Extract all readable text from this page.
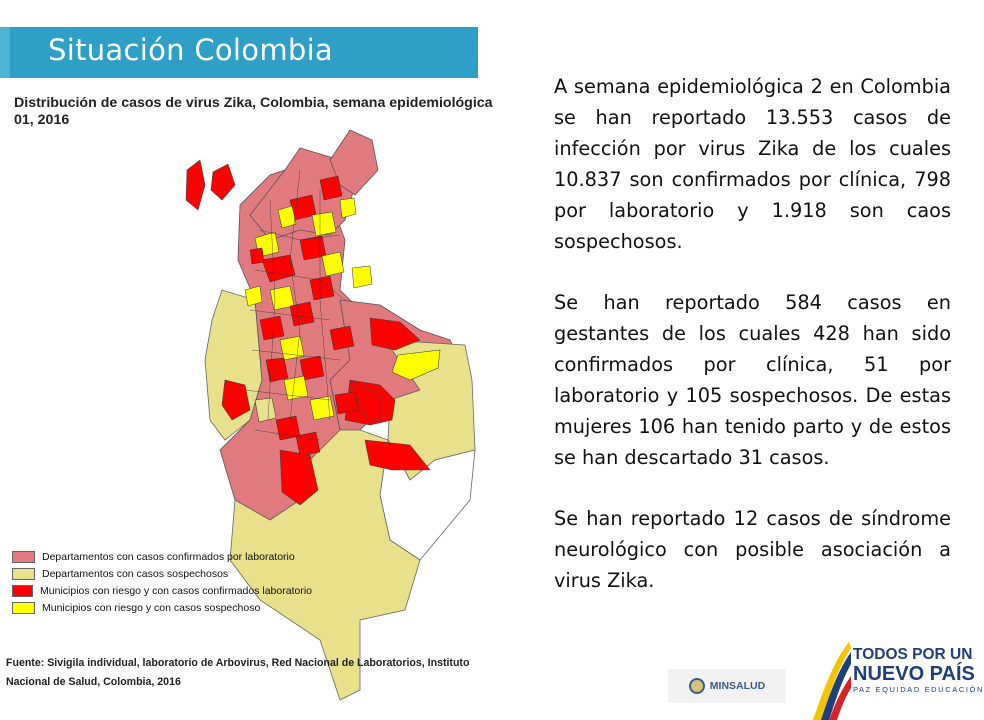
Situación Colombia
Distribución de casos de virus Zika, Colombia, semana epidemiológica 01, 2016
Departamentos con casos confirmados por laboratorio
Departamentos con casos sospechosos
Municipios con riesgo y con casos confirmados laboratorio
Municipios con riesgo y con casos sospechoso
Fuente: Sivigila individual, laboratorio de Arbovirus, Red Nacional de Laboratorios, Instituto Nacional de Salud, Colombia, 2016

A semana epidemiológica 2 en Colombia se han reportado 13.553 casos de infección por virus Zika de los cuales 10.837 son confirmados por clínica, 798 por laboratorio y 1.918 son caos sospechosos.

Se han reportado 584 casos en gestantes de los cuales 428 han sido confirmados por clínica, 51 por laboratorio y 105 sospechosos. De estas mujeres 106 han tenido parto y de estos se han descartado 31 casos.

Se han reportado 12 casos de síndrome neurológico con posible asociación a virus Zika.

MINSALUD
TODOS POR UN
NUEVO PAÍS
PAZ EQUIDAD EDUCACIÓN
